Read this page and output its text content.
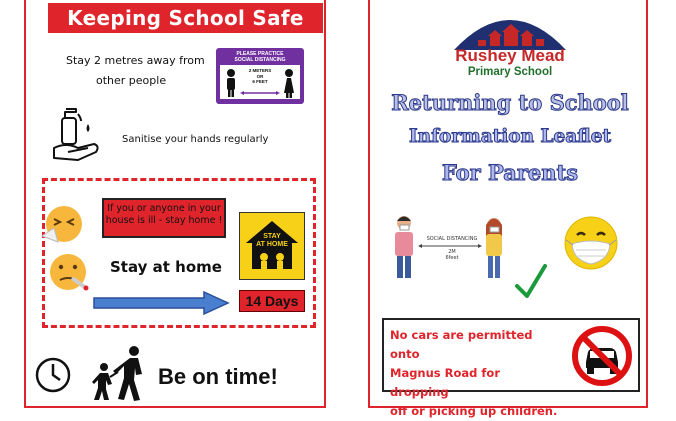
Keeping School Safe
Stay 2 metres away from
other people
PLEASE PRACTICE
SOCIAL DISTANCING
2 METERS
OR
6 FEET
Sanitise your hands regularly
If you or anyone in your
house is ill - stay home !
STAY
AT HOME
Stay at home
14 Days
Be on time!
Rushey Mead
Primary School
Returning to School
Information Leaflet
For Parents
SOCIAL DISTANCING
2M
6feet
No cars are permitted onto
Magnus Road for dropping
off or picking up children.
